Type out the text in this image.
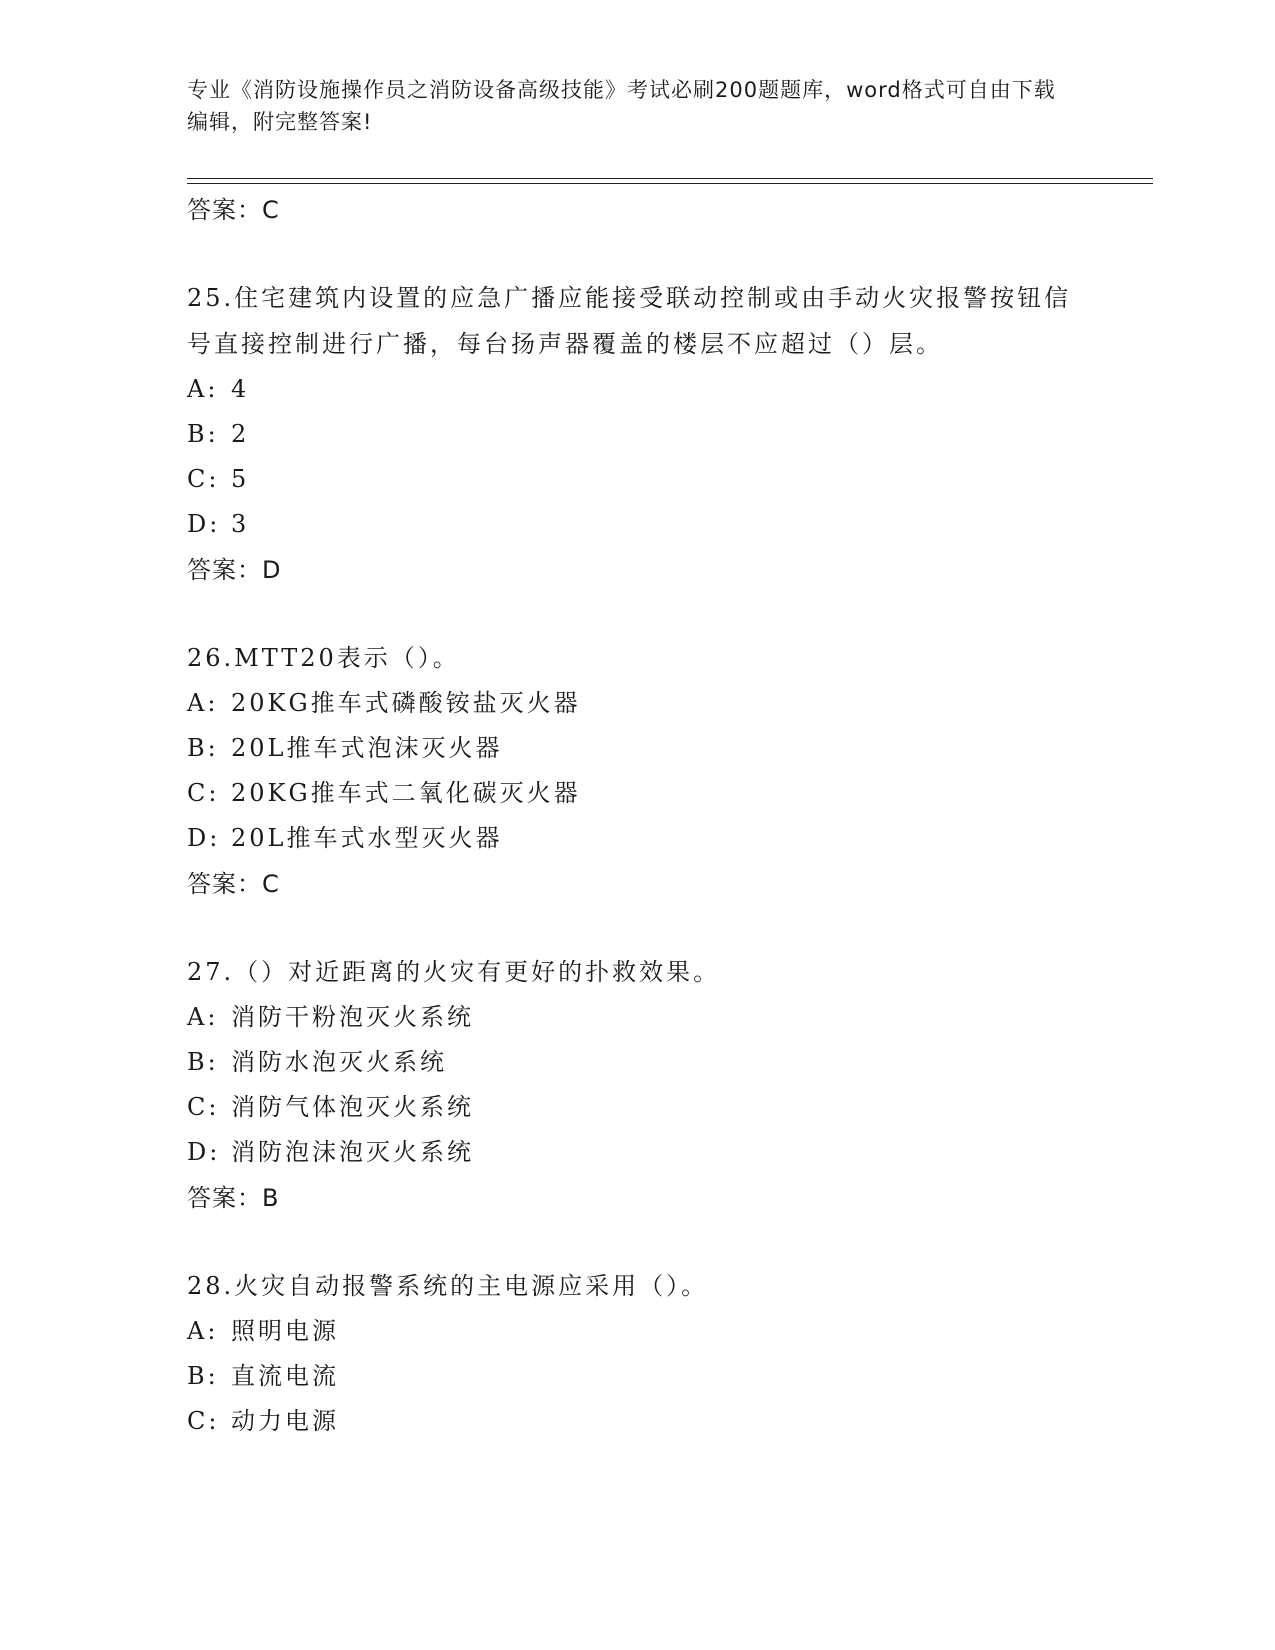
专业《消防设施操作员之消防设备高级技能》考试必刷200题题库，word格式可自由下载编辑，附完整答案!
答案：C
25.住宅建筑内设置的应急广播应能接受联动控制或由手动火灾报警按钮信号直接控制进行广播，每台扬声器覆盖的楼层不应超过（）层。
A: 4
B: 2
C: 5
D: 3
答案：D
26.MTT20表示（）。
A: 20KG推车式磷酸铵盐灭火器
B: 20L推车式泡沫灭火器
C: 20KG推车式二氧化碳灭火器
D: 20L推车式水型灭火器
答案：C
27.（）对近距离的火灾有更好的扑救效果。
A: 消防干粉泡灭火系统
B: 消防水泡灭火系统
C: 消防气体泡灭火系统
D: 消防泡沫泡灭火系统
答案：B
28.火灾自动报警系统的主电源应采用（）。
A: 照明电源
B: 直流电流
C: 动力电源
